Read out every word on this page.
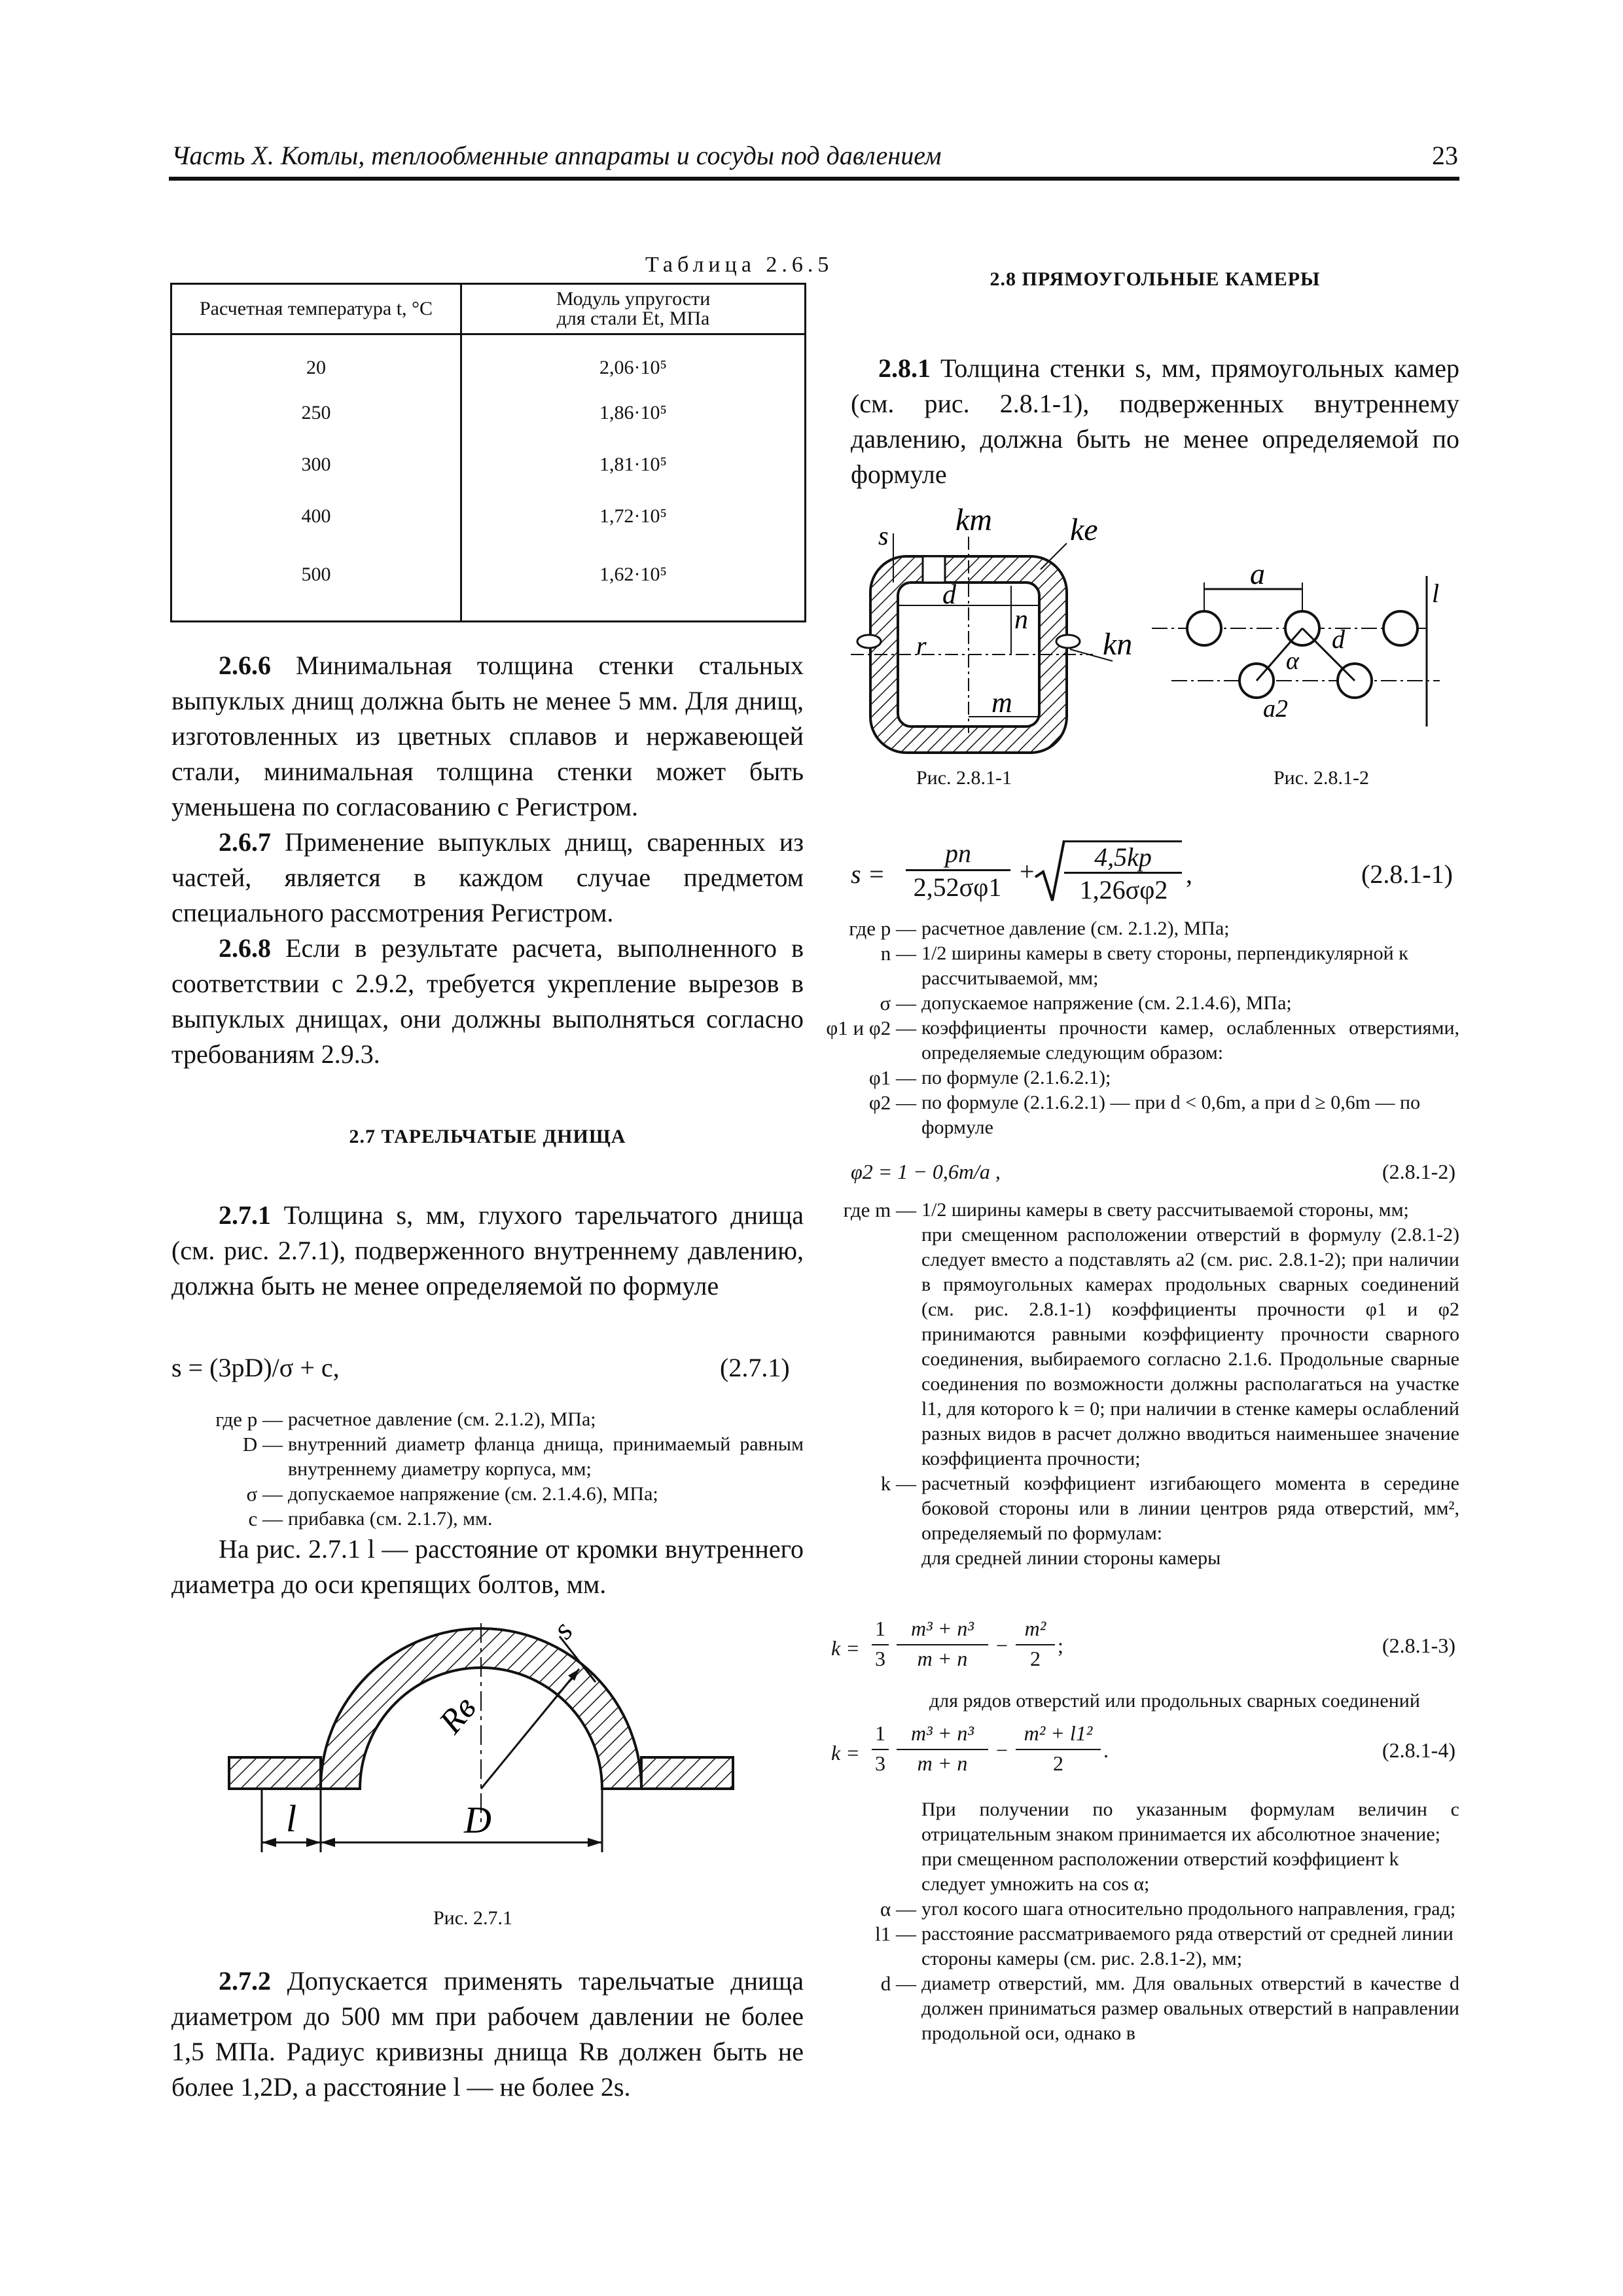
Часть X. Котлы, теплообменные аппараты и сосуды под давлением	23
Таблица 2.6.5
Расчетная температура t, °С	Модуль упругости
для стали Et, МПа

20	2,06·10⁵
250	1,86·10⁵
300	1,81·10⁵
400	1,72·10⁵
500	1,62·10⁵
2.6.6 Минимальная толщина стенки стальных выпуклых днищ должна быть не менее 5 мм. Для днищ, изготовленных из цветных сплавов и нержавеющей стали, минимальная толщина стенки может быть уменьшена по согласованию с Регистром.
2.6.7 Применение выпуклых днищ, сваренных из частей, является в каждом случае предметом специального рассмотрения Регистром.
2.6.8 Если в результате расчета, выполненного в соответствии с 2.9.2, требуется укрепление вырезов в выпуклых днищах, они должны выполняться согласно требованиям 2.9.3.
2.7 ТАРЕЛЬЧАТЫЕ ДНИЩА
2.7.1 Толщина s, мм, глухого тарельчатого днища (см. рис. 2.7.1), подверженного внутреннему давлению, должна быть не менее определяемой по формуле
s = (3pD)/σ + c,	(2.7.1)
где p — расчетное давление (см. 2.1.2), МПа;
D — внутренний диаметр фланца днища, принимаемый равным внутреннему диаметру корпуса, мм;
σ — допускаемое напряжение (см. 2.1.4.6), МПа;
c — прибавка (см. 2.1.7), мм.
На рис. 2.7.1 l — расстояние от кромки внутреннего диаметра до оси крепящих болтов, мм.
Rв
s
l	D
Рис. 2.7.1
2.7.2 Допускается применять тарельчатые днища диаметром до 500 мм при рабочем давлении не более 1,5 МПа. Радиус кривизны днища Rв должен быть не более 1,2D, а расстояние l — не более 2s.
2.8 ПРЯМОУГОЛЬНЫЕ КАМЕРЫ
2.8.1 Толщина стенки s, мм, прямоугольных камер (см. рис. 2.8.1-1), подверженных внутреннему давлению, должна быть не менее определяемой по формуле
s km ke
kn
d
n
r
m
Рис. 2.8.1-1
a
l
d
α
a2
Рис. 2.8.1-2
s =
pn
2,52σφ1
+	4,5kp
1,26σφ2
,	(2.8.1-1)
где p — расчетное давление (см. 2.1.2), МПа;
n — 1/2 ширины камеры в свету стороны, перпендикулярной к рассчитываемой, мм;
σ — допускаемое напряжение (см. 2.1.4.6), МПа;
φ1 и φ2 — коэффициенты прочности камер, ослабленных отверстиями, определяемые следующим образом:
φ1 — по формуле (2.1.6.2.1);
φ2 — по формуле (2.1.6.2.1) — при d < 0,6m, а при d ≥ 0,6m — по формуле
φ2 = 1 − 0,6m/a ,	(2.8.1-2)
где m — 1/2 ширины камеры в свету рассчитываемой стороны, мм;
при смещенном расположении отверстий в формулу (2.8.1-2) следует вместо a подставлять a2 (см. рис. 2.8.1-2); при наличии в прямоугольных камерах продольных сварных соединений (см. рис. 2.8.1-1) коэффициенты прочности φ1 и φ2 принимаются равными коэффициенту прочности сварного соединения, выбираемого согласно 2.1.6. Продольные сварные соединения по возможности должны располагаться на участке l1, для которого k = 0; при наличии в стенке камеры ослаблений разных видов в расчет должно вводиться наименьшее значение коэффициента прочности;
k — расчетный коэффициент изгибающего момента в середине боковой стороны или в линии центров ряда отверстий, мм², определяемый по формулам:
для средней линии стороны камеры
k =
1
3
m³ + n³
m + n
−
m²
2
;	(2.8.1-3)
для рядов отверстий или продольных сварных соединений
k =
1
3
m³ + n³
m + n
−
m² + l1²
2
.	(2.8.1-4)
При получении по указанным формулам величин с отрицательным знаком принимается их абсолютное значение;
при смещенном расположении отверстий коэффициент k следует умножить на cos α;
α — угол косого шага относительно продольного направления, град;
l1 — расстояние рассматриваемого ряда отверстий от средней линии стороны камеры (см. рис. 2.8.1-2), мм;
d — диаметр отверстий, мм. Для овальных отверстий в качестве d должен приниматься размер овальных отверстий в направлении продольной оси, однако в
